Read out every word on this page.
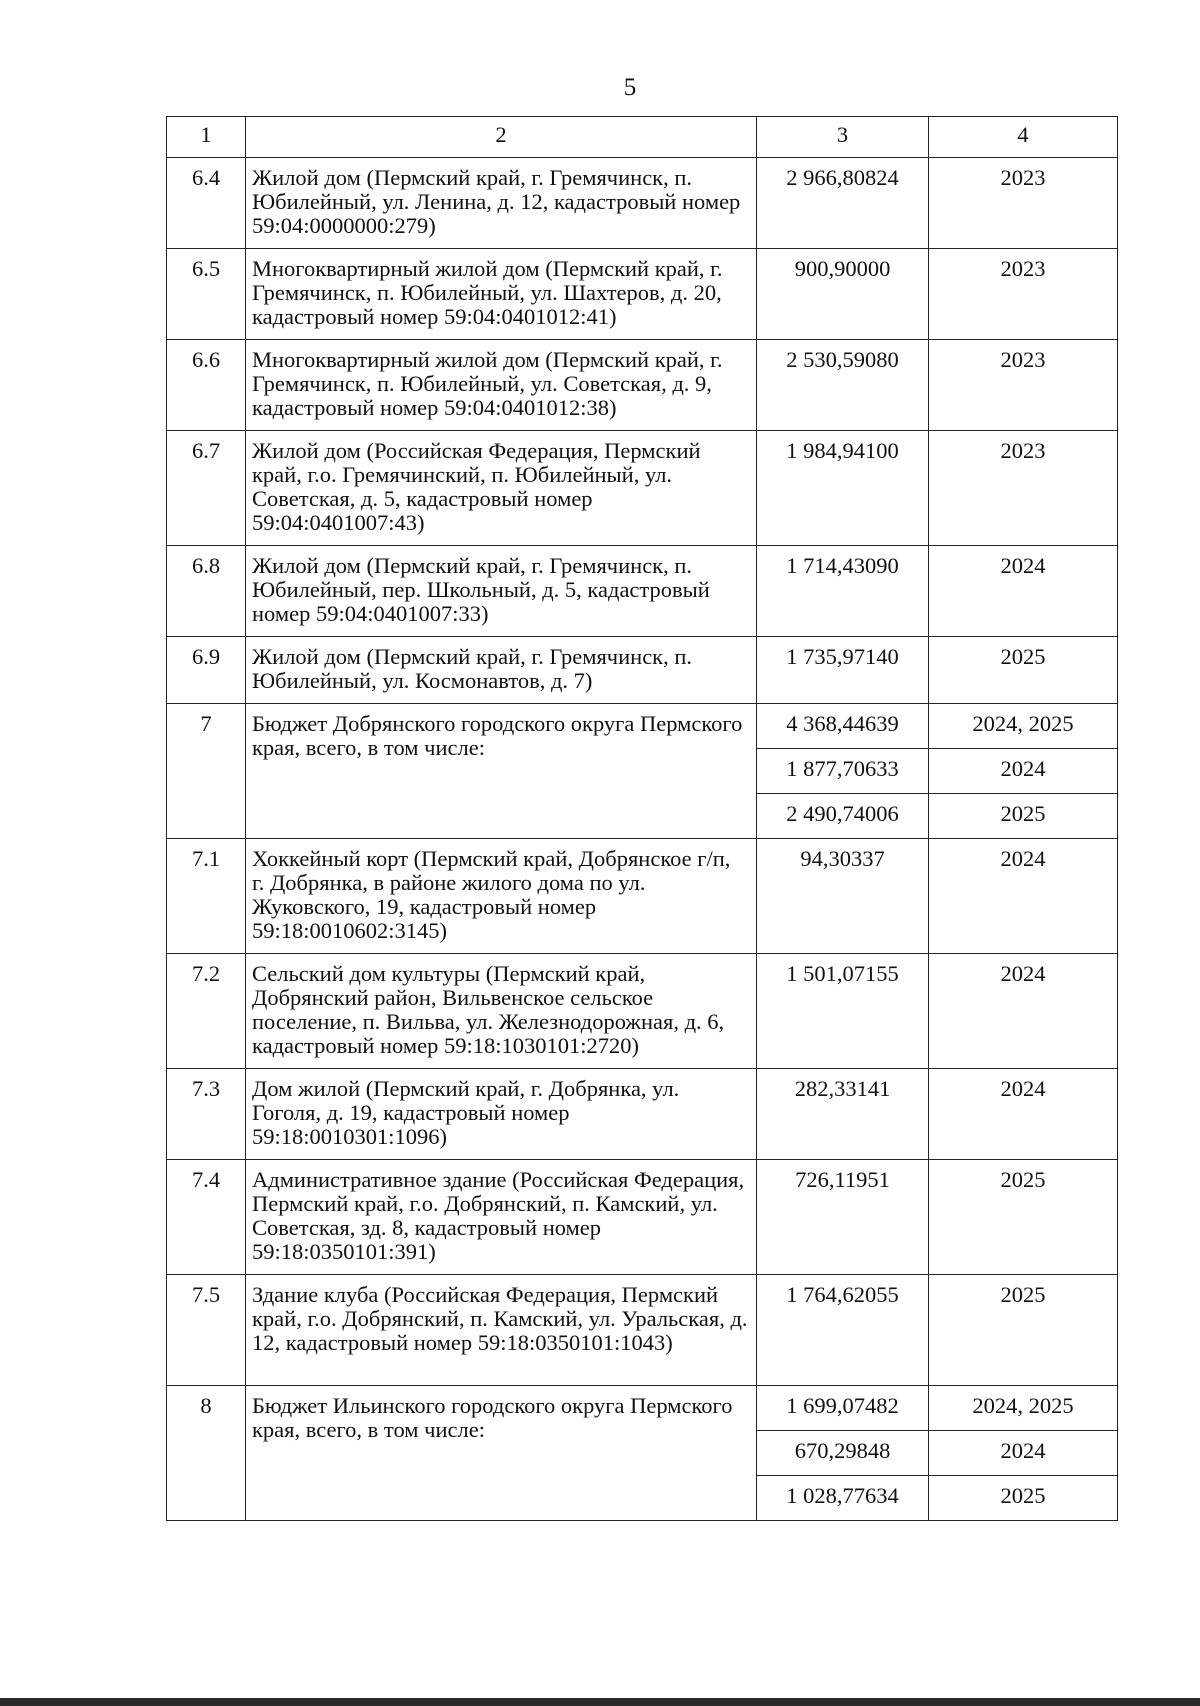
5
1	2	3	4
6.4	Жилой дом (Пермский край, г. Гремячинск, п. Юбилейный, ул. Ленина, д. 12, кадастровый номер 59:04:0000000:279)	2 966,80824	2023
6.5	Многоквартирный жилой дом (Пермский край, г. Гремячинск, п. Юбилейный, ул. Шахтеров, д. 20, кадастровый номер 59:04:0401012:41)	900,90000	2023
6.6	Многоквартирный жилой дом (Пермский край, г. Гремячинск, п. Юбилейный, ул. Советская, д. 9, кадастровый номер 59:04:0401012:38)	2 530,59080	2023
6.7	Жилой дом (Российская Федерация, Пермский край, г.о. Гремячинский, п. Юбилейный, ул. Советская, д. 5, кадастровый номер 59:04:0401007:43)	1 984,94100	2023
6.8	Жилой дом (Пермский край, г. Гремячинск, п. Юбилейный, пер. Школьный, д. 5, кадастровый номер 59:04:0401007:33)	1 714,43090	2024
6.9	Жилой дом (Пермский край, г. Гремячинск, п. Юбилейный, ул. Космонавтов, д. 7)	1 735,97140	2025
7	Бюджет Добрянского городского округа Пермского края, всего, в том числе:	4 368,44639	2024, 2025
		1 877,70633	2024
		2 490,74006	2025
7.1	Хоккейный корт (Пермский край, Добрянское г/п, г. Добрянка, в районе жилого дома по ул. Жуковского, 19, кадастровый номер 59:18:0010602:3145)	94,30337	2024
7.2	Сельский дом культуры (Пермский край, Добрянский район, Вильвенское сельское поселение, п. Вильва, ул. Железнодорожная, д. 6, кадастровый номер 59:18:1030101:2720)	1 501,07155	2024
7.3	Дом жилой (Пермский край, г. Добрянка, ул. Гоголя, д. 19, кадастровый номер 59:18:0010301:1096)	282,33141	2024
7.4	Административное здание (Российская Федерация, Пермский край, г.о. Добрянский, п. Камский, ул. Советская, зд. 8, кадастровый номер 59:18:0350101:391)	726,11951	2025
7.5	Здание клуба (Российская Федерация, Пермский край, г.о. Добрянский, п. Камский, ул. Уральская, д. 12, кадастровый номер 59:18:0350101:1043)	1 764,62055	2025
8	Бюджет Ильинского городского округа Пермского края, всего, в том числе:	1 699,07482	2024, 2025
		670,29848	2024
		1 028,77634	2025
